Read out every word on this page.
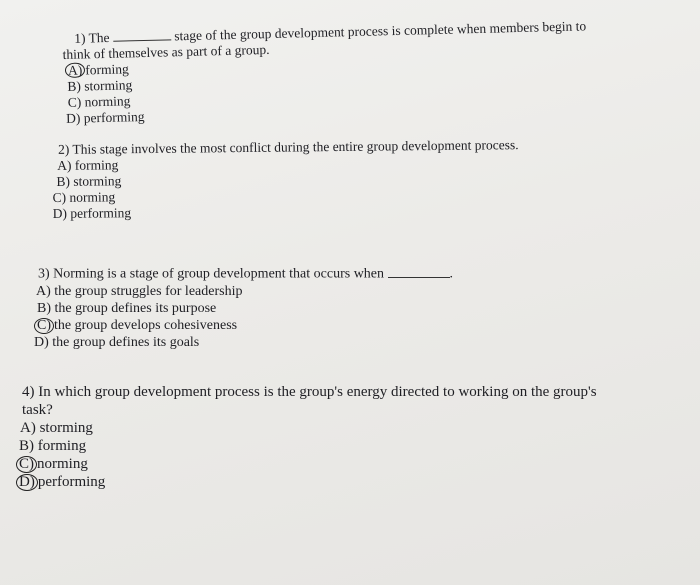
1) The	stage of the group development process is complete when members begin to
think of themselves as part of a group.
A) forming
B) storming
C) norming
D) performing
2) This stage involves the most conflict during the entire group development process.
A) forming
B) storming
C) norming
D) performing
3) Norming is a stage of group development that occurs when	.
A) the group struggles for leadership
B) the group defines its purpose
C) the group develops cohesiveness
D) the group defines its goals
4) In which group development process is the group's energy directed to working on the group's
task?
A) storming
B) forming
C) norming
D) performing
